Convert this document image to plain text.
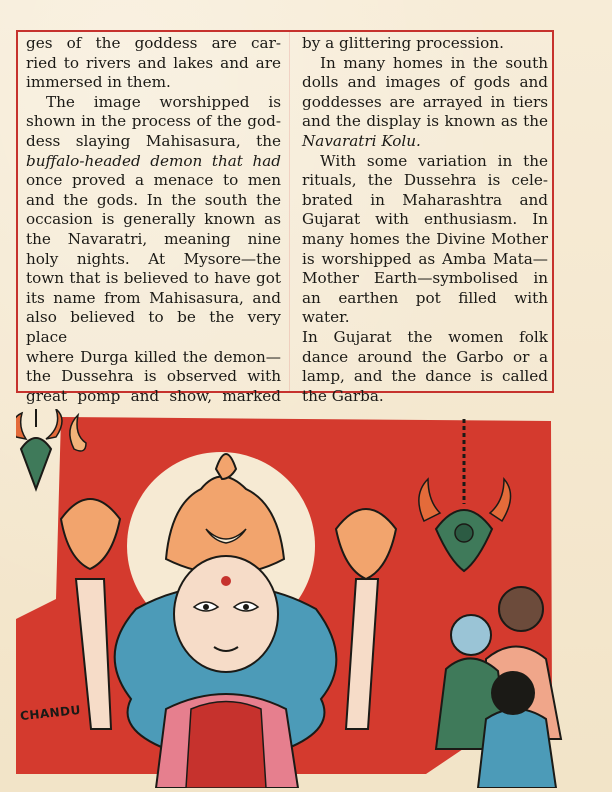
ges of the goddess are car-
ried to rivers and lakes and are
immersed in them.
The image worshipped is
shown in the process of the god-
dess slaying Mahisasura, the
buffalo-headed demon that had
once proved a menace to men
and the gods. In the south the
occasion is generally known as
the Navaratri, meaning nine
holy nights. At Mysore—the
town that is believed to have got
its name from Mahisasura, and
also believed to be the very place
where Durga killed the demon—
the Dussehra is observed with
great pomp and show, marked
by a glittering procession.
In many homes in the south
dolls and images of gods and
goddesses are arrayed in tiers
and the display is known as the
Navaratri Kolu.
With some variation in the
rituals, the Dussehra is cele-
brated in Maharashtra and
Gujarat with enthusiasm. In
many homes the Divine Mother
is worshipped as Amba Mata—
Mother Earth—symbolised in
an earthen pot filled with water.
In Gujarat the women folk
dance around the Garbo or a
lamp, and the dance is called
the Garba.
CHANDU
